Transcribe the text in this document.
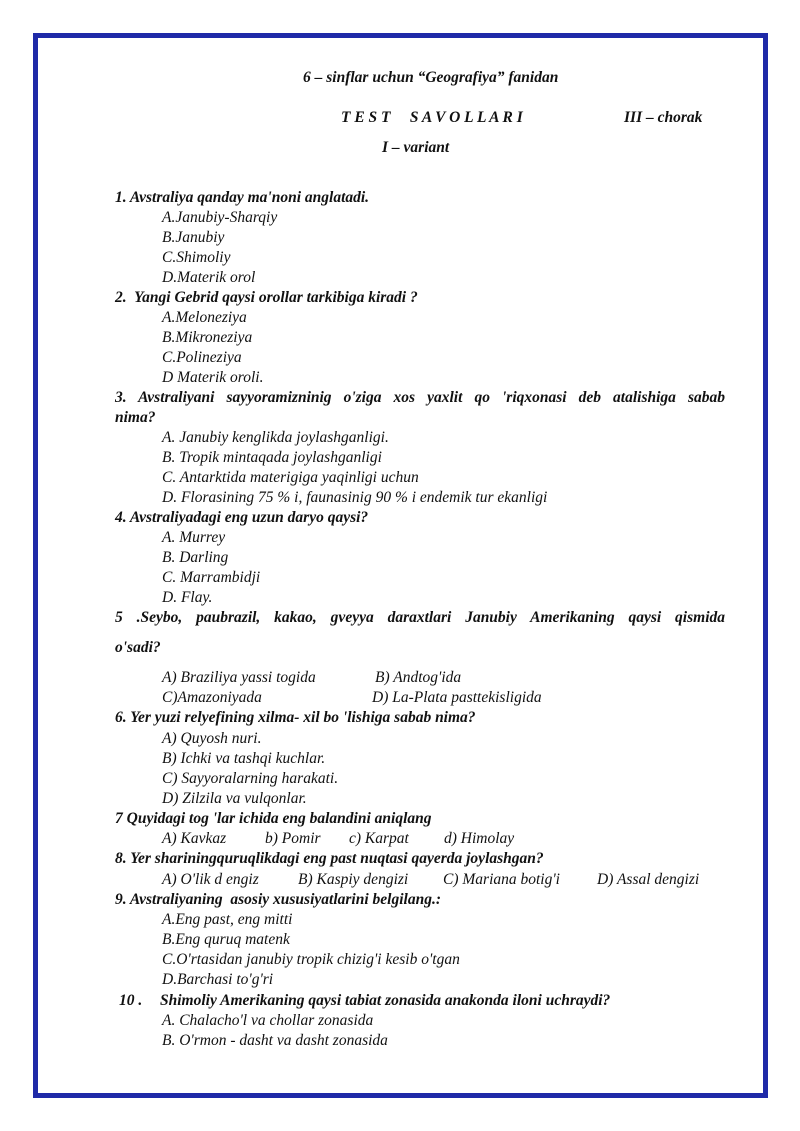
6 – sinflar uchun “Geografiya” fanidan
T E S T     S A V O L L A R I	III – chorak
I – variant
1. Avstraliya qanday ma'noni anglatadi.
A.Janubiy-Sharqiy
B.Janubiy
C.Shimoliy
D.Materik orol
2.  Yangi Gebrid qaysi orollar tarkibiga kiradi ?
A.Meloneziya
B.Mikroneziya
C.Polineziya
D Materik oroli.
3. Avstraliyani sayyoramizninig o'ziga xos yaxlit qo 'riqxonasi deb atalishiga sabab
nima?
A. Janubiy kenglikda joylashganligi.
B. Tropik mintaqada joylashganligi
C. Antarktida materigiga yaqinligi uchun
D. Florasining 75 % i, faunasinig 90 % i endemik tur ekanligi
4. Avstraliyadagi eng uzun daryo qaysi?
A. Murrey
B. Darling
C. Marrambidji
D. Flay.
5 .Seybo, paubrazil, kakao, gveyya daraxtlari Janubiy Amerikaning qaysi qismida
o'sadi?
A) Braziliya yassi togida	B) Andtog'ida
C)Amazoniyada	D) La-Plata pasttekisligida
6. Yer yuzi relyefining xilma- xil bo 'lishiga sabab nima?
A) Quyosh nuri.
B) Ichki va tashqi kuchlar.
C) Sayyoralarning harakati.
D) Zilzila va vulqonlar.
7 Quyidagi tog 'lar ichida eng balandini aniqlang
A) Kavkaz	b) Pomir c) Karpat d) Himolay
8. Yer shariningquruqlikdagi eng past nuqtasi qayerda joylashgan?
A) O'lik d engiz	B) Kaspiy dengizi C) Mariana botig'i D) Assal dengizi
9. Avstraliyaning  asosiy xususiyatlarini belgilang.:
A.Eng past, eng mitti
B.Eng quruq matenk
C.O'rtasidan janubiy tropik chizig'i kesib o'tgan
D.Barchasi to'g'ri
10 . Shimoliy Amerikaning qaysi tabiat zonasida anakonda iloni uchraydi?
A. Chalacho'l va chollar zonasida
B. O'rmon - dasht va dasht zonasida
